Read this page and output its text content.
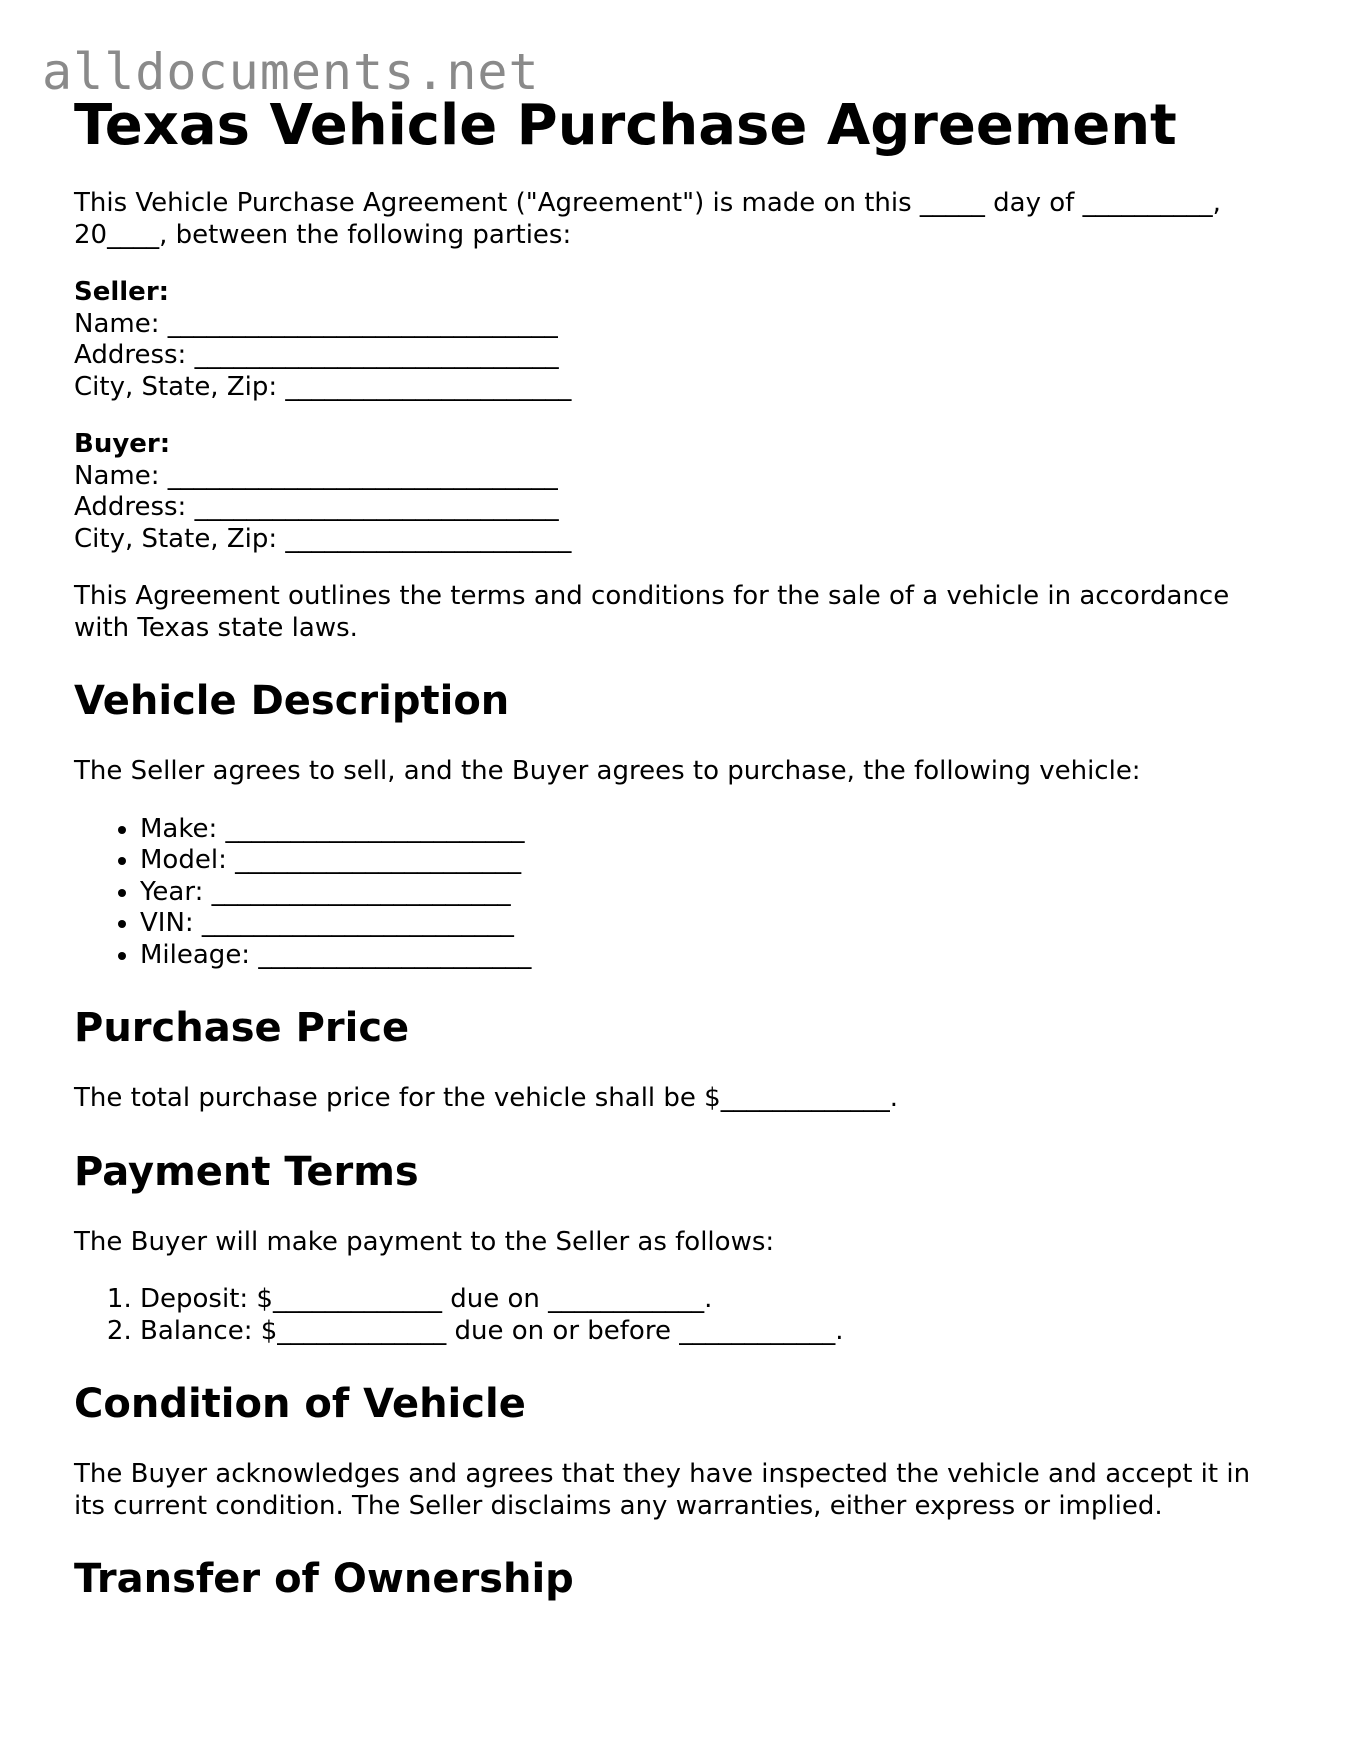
alldocuments.net
Texas Vehicle Purchase Agreement

This Vehicle Purchase Agreement ("Agreement") is made on this _____ day of __________,
20____, between the following parties:

Seller:
Name: ______________________________
Address: ____________________________
City, State, Zip: ______________________

Buyer:
Name: ______________________________
Address: ____________________________
City, State, Zip: ______________________

This Agreement outlines the terms and conditions for the sale of a vehicle in accordance
with Texas state laws.

Vehicle Description

The Seller agrees to sell, and the Buyer agrees to purchase, the following vehicle:

• Make: _______________________
• Model: ______________________
• Year: _______________________
• VIN: ________________________
• Mileage: _____________________
Purchase Price

The total purchase price for the vehicle shall be $_____________.

Payment Terms

The Buyer will make payment to the Seller as follows:

1. Deposit: $_____________ due on ____________.
2. Balance: $_____________ due on or before ____________.
Condition of Vehicle

The Buyer acknowledges and agrees that they have inspected the vehicle and accept it in
its current condition. The Seller disclaims any warranties, either express or implied.

Transfer of Ownership
